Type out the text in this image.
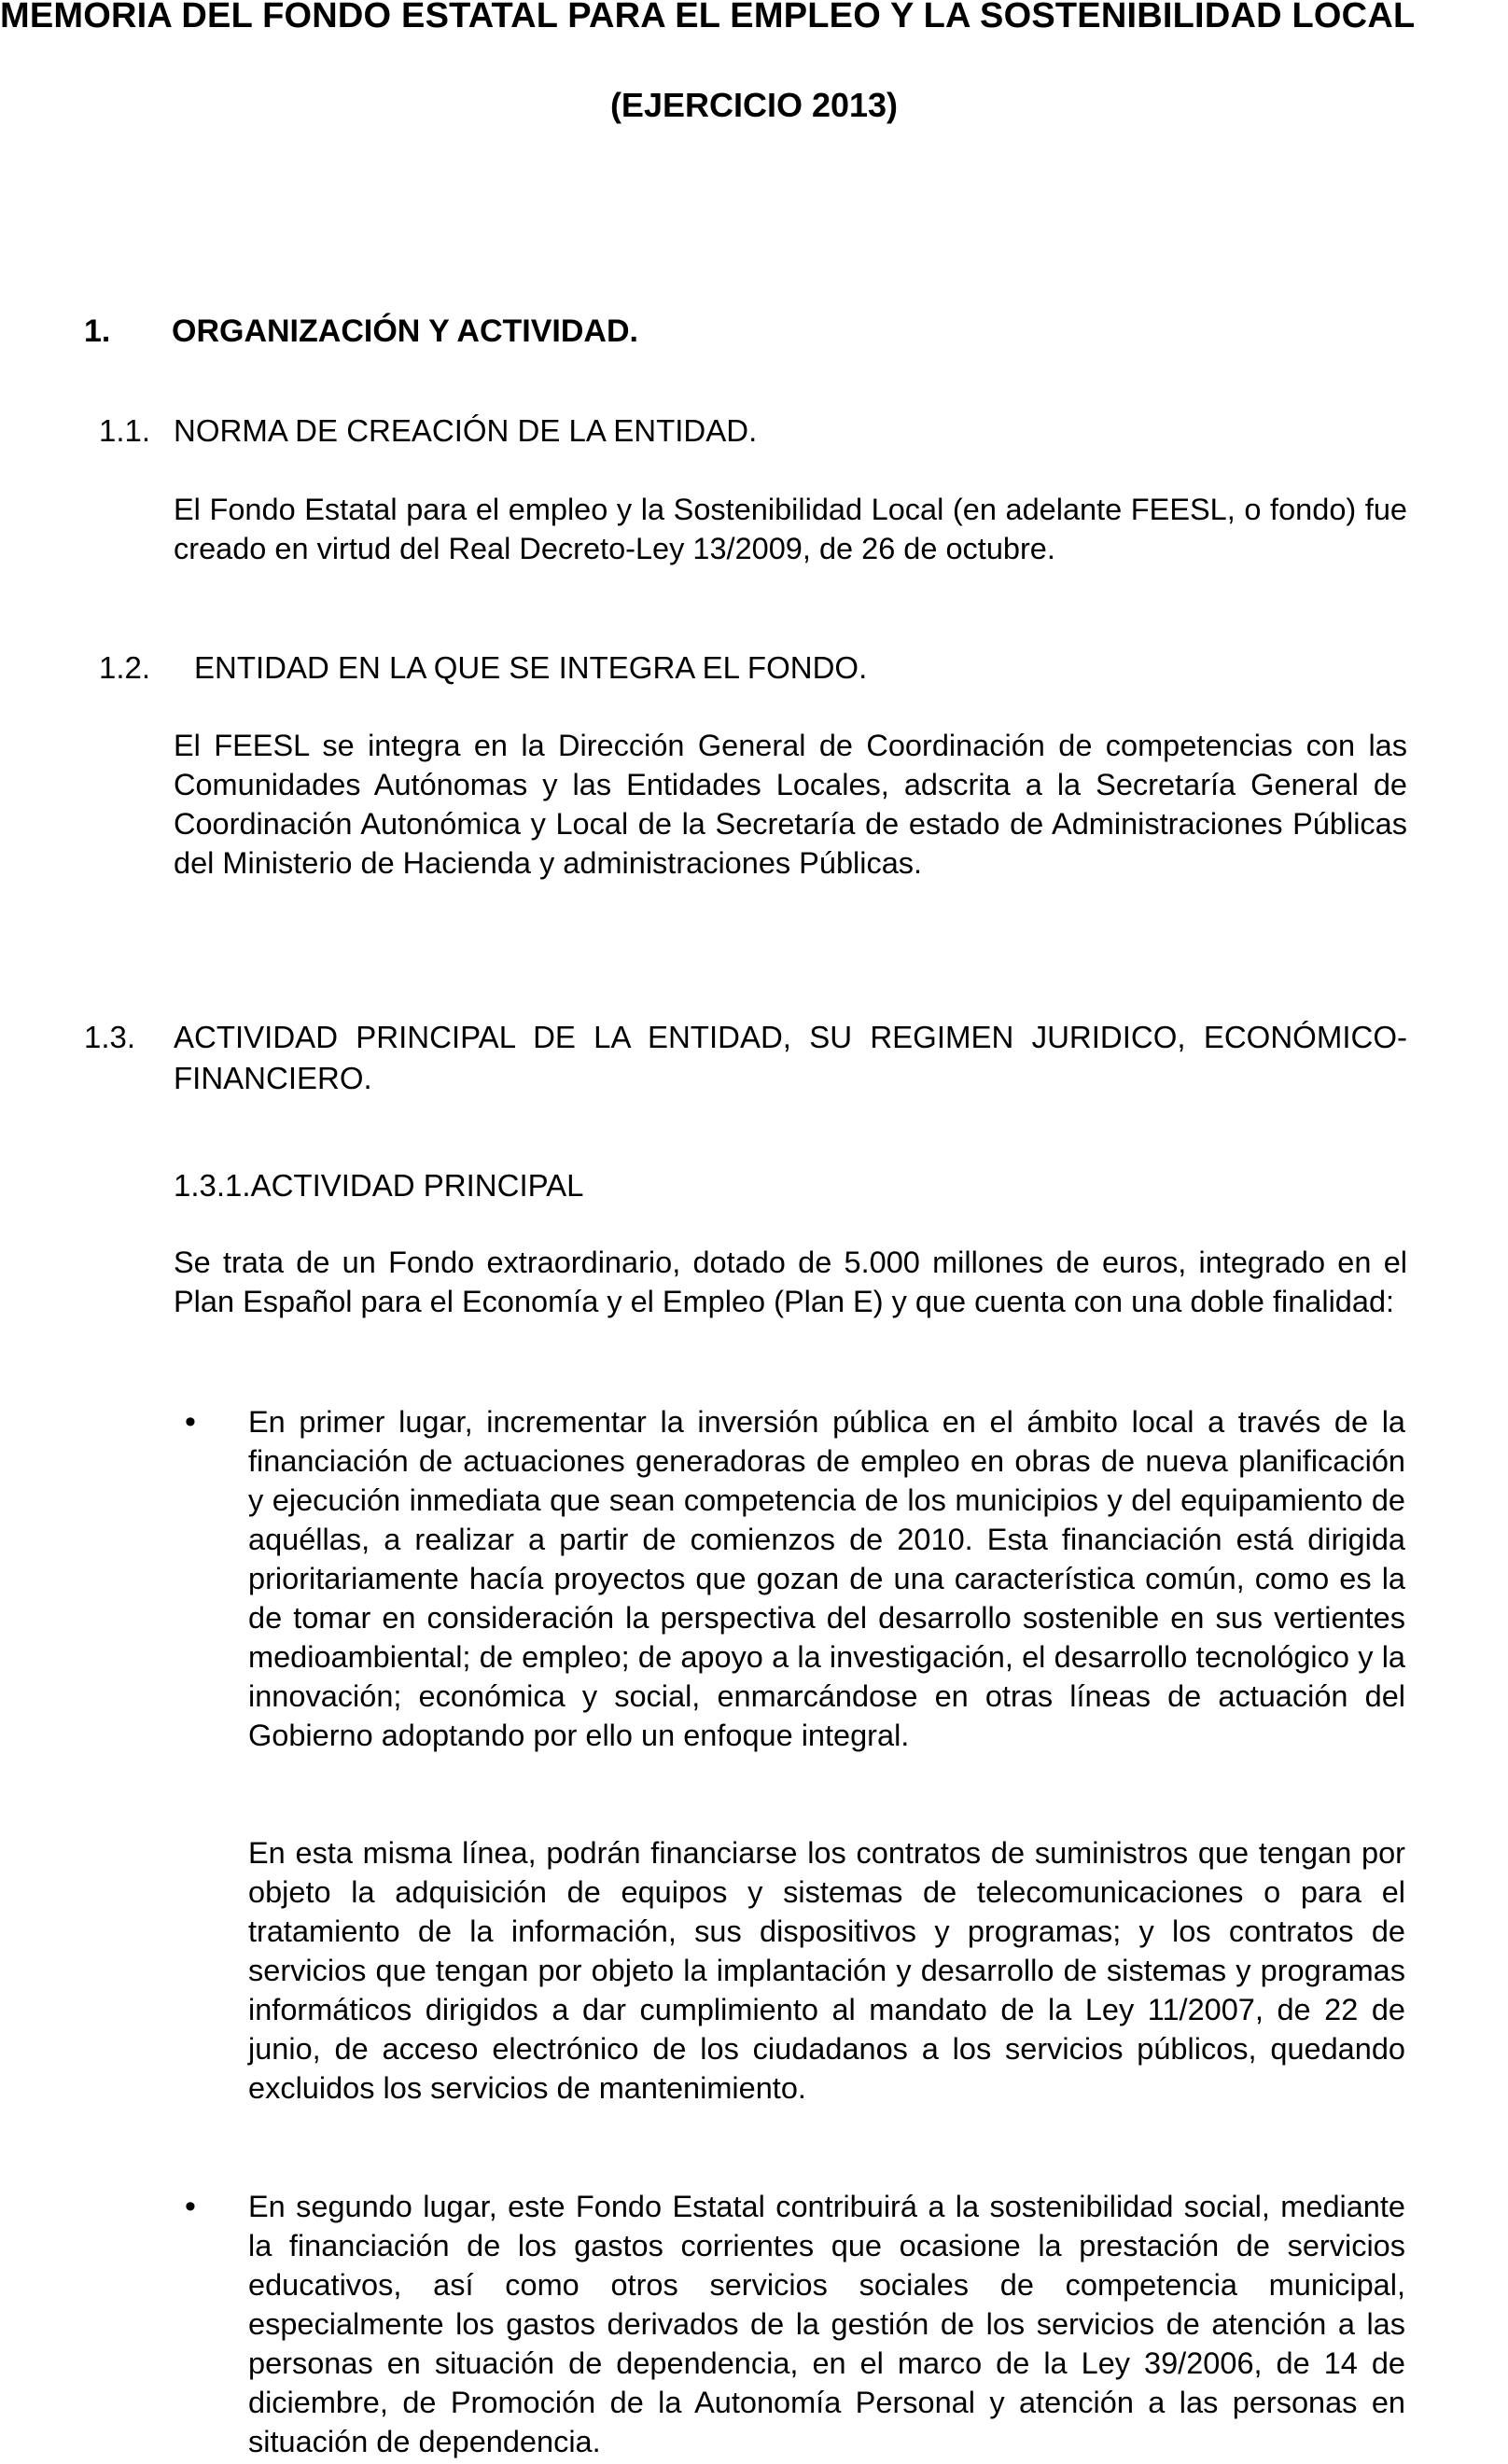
MEMORIA DEL FONDO ESTATAL PARA EL EMPLEO Y LA SOSTENIBILIDAD LOCAL
(EJERCICIO 2013)
1. ORGANIZACIÓN Y ACTIVIDAD.
1.1. NORMA DE CREACIÓN DE LA ENTIDAD.
El Fondo Estatal para el empleo y la Sostenibilidad Local (en adelante FEESL, o fondo) fue creado en virtud del Real Decreto-Ley 13/2009, de 26 de octubre.
1.2. ENTIDAD EN LA QUE SE INTEGRA EL FONDO.
El FEESL se integra en la Dirección General de Coordinación de competencias con las Comunidades Autónomas y las Entidades Locales, adscrita a la Secretaría General de Coordinación Autonómica y Local de la Secretaría de estado de Administraciones Públicas del Ministerio de Hacienda y administraciones Públicas.
1.3. ACTIVIDAD PRINCIPAL DE LA ENTIDAD, SU REGIMEN JURIDICO, ECONÓMICO-FINANCIERO.
1.3.1.ACTIVIDAD PRINCIPAL
Se trata de un Fondo extraordinario, dotado de 5.000 millones de euros, integrado en el Plan Español para el Economía y el Empleo (Plan E) y que cuenta con una doble finalidad:
• En primer lugar, incrementar la inversión pública en el ámbito local a través de la financiación de actuaciones generadoras de empleo en obras de nueva planificación y ejecución inmediata que sean competencia de los municipios y del equipamiento de aquéllas, a realizar a partir de comienzos de 2010. Esta financiación está dirigida prioritariamente hacía proyectos que gozan de una característica común, como es la de tomar en consideración la perspectiva del desarrollo sostenible en sus vertientes medioambiental; de empleo; de apoyo a la investigación, el desarrollo tecnológico y la innovación; económica y social, enmarcándose en otras líneas de actuación del Gobierno adoptando por ello un enfoque integral.
En esta misma línea, podrán financiarse los contratos de suministros que tengan por objeto la adquisición de equipos y sistemas de telecomunicaciones o para el tratamiento de la información, sus dispositivos y programas; y los contratos de servicios que tengan por objeto la implantación y desarrollo de sistemas y programas informáticos dirigidos a dar cumplimiento al mandato de la Ley 11/2007, de 22 de junio, de acceso electrónico de los ciudadanos a los servicios públicos, quedando excluidos los servicios de mantenimiento.
• En segundo lugar, este Fondo Estatal contribuirá a la sostenibilidad social, mediante la financiación de los gastos corrientes que ocasione la prestación de servicios educativos, así como otros servicios sociales de competencia municipal, especialmente los gastos derivados de la gestión de los servicios de atención a las personas en situación de dependencia, en el marco de la Ley 39/2006, de 14 de diciembre, de Promoción de la Autonomía Personal y atención a las personas en situación de dependencia.
